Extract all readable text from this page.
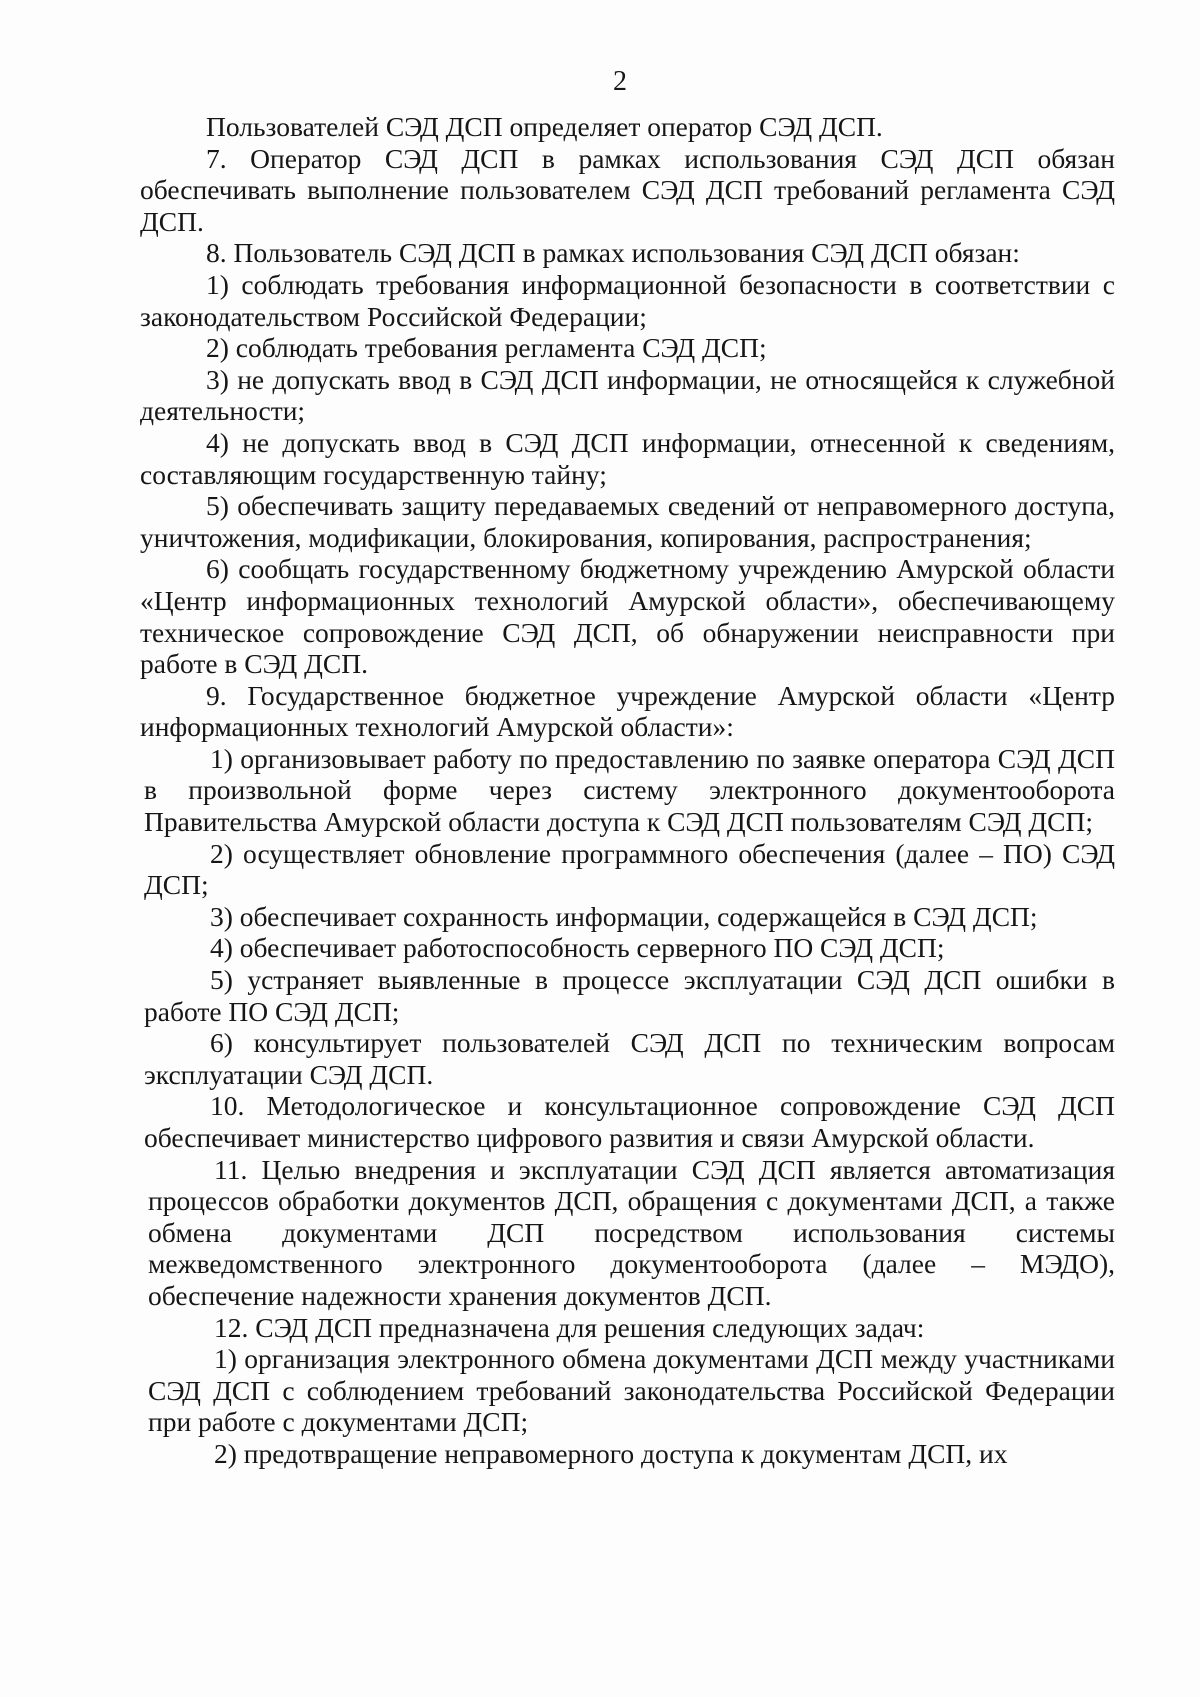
2

Пользователей СЭД ДСП определяет оператор СЭД ДСП.

7. Оператор СЭД ДСП в рамках использования СЭД ДСП обязан обеспечивать выполнение пользователем СЭД ДСП требований регламента СЭД ДСП.

8. Пользователь СЭД ДСП в рамках использования СЭД ДСП обязан:

1) соблюдать требования информационной безопасности в соответствии с законодательством Российской Федерации;

2) соблюдать требования регламента СЭД ДСП;

3) не допускать ввод в СЭД ДСП информации, не относящейся к служебной деятельности;

4) не допускать ввод в СЭД ДСП информации, отнесенной к сведениям, составляющим государственную тайну;

5) обеспечивать защиту передаваемых сведений от неправомерного доступа, уничтожения, модификации, блокирования, копирования, распространения;

6) сообщать государственному бюджетному учреждению Амурской области «Центр информационных технологий Амурской области», обеспечивающему техническое сопровождение СЭД ДСП, об обнаружении неисправности при работе в СЭД ДСП.

9. Государственное бюджетное учреждение Амурской области «Центр информационных технологий Амурской области»:

1) организовывает работу по предоставлению по заявке оператора СЭД ДСП в произвольной форме через систему электронного документооборота Правительства Амурской области доступа к СЭД ДСП пользователям СЭД ДСП;

2) осуществляет обновление программного обеспечения (далее – ПО) СЭД ДСП;

3) обеспечивает сохранность информации, содержащейся в СЭД ДСП;

4) обеспечивает работоспособность серверного ПО СЭД ДСП;

5) устраняет выявленные в процессе эксплуатации СЭД ДСП ошибки в работе ПО СЭД ДСП;

6) консультирует пользователей СЭД ДСП по техническим вопросам эксплуатации СЭД ДСП.

10. Методологическое и консультационное сопровождение СЭД ДСП обеспечивает министерство цифрового развития и связи Амурской области.

11. Целью внедрения и эксплуатации СЭД ДСП является автоматизация процессов обработки документов ДСП, обращения с документами ДСП, а также обмена документами ДСП посредством использования системы межведомственного электронного документооборота (далее – МЭДО), обеспечение надежности хранения документов ДСП.

12. СЭД ДСП предназначена для решения следующих задач:

1) организация электронного обмена документами ДСП между участниками СЭД ДСП с соблюдением требований законодательства Российской Федерации при работе с документами ДСП;

2) предотвращение неправомерного доступа к документам ДСП, их
